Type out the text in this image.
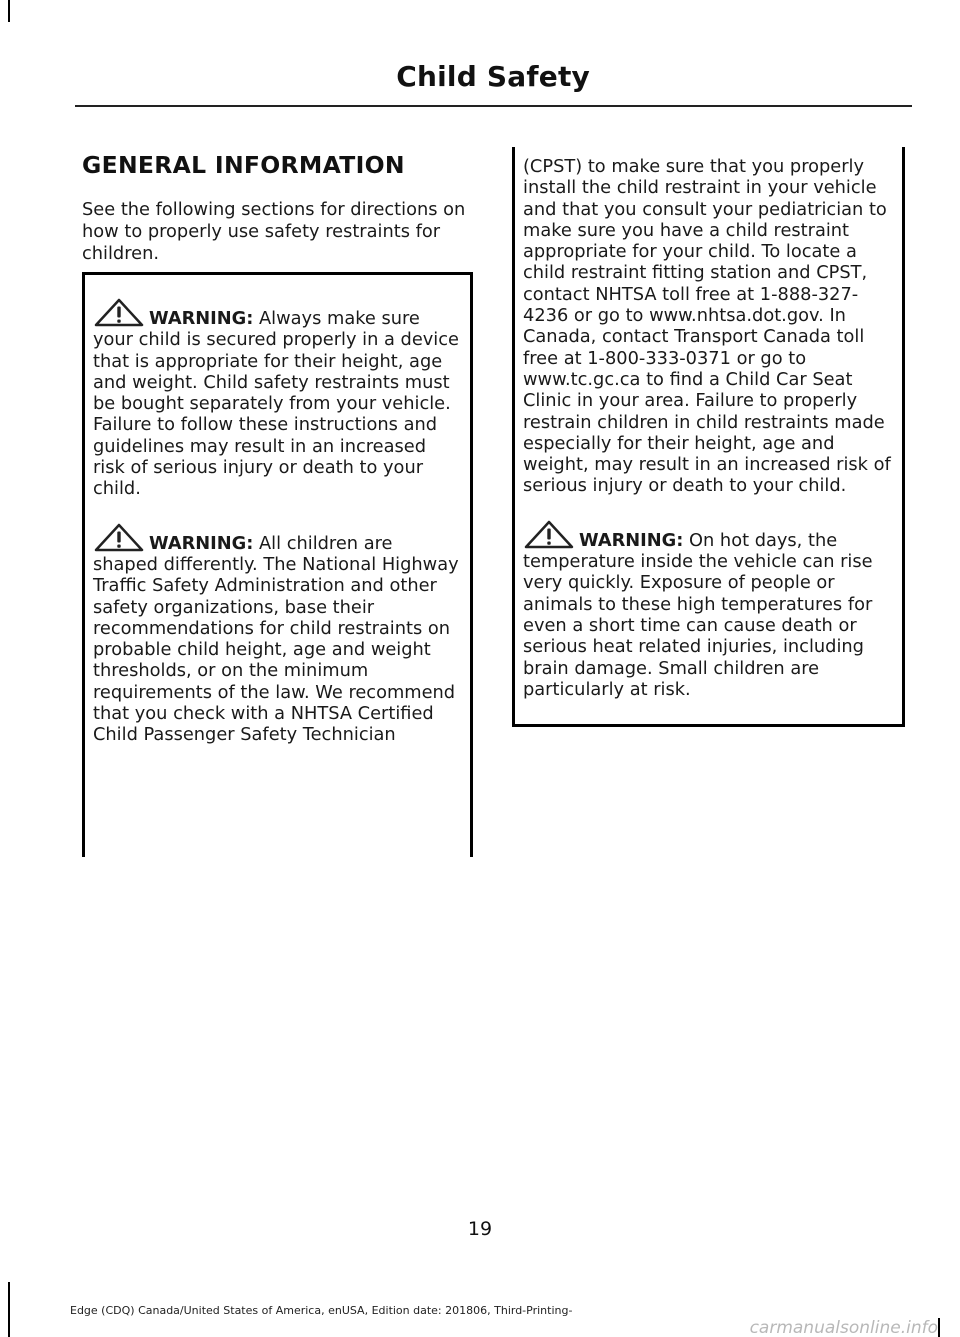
Child Safety
GENERAL INFORMATION

See the following sections for directions on how to properly use safety restraints for children.

WARNING: Always make sure your child is secured properly in a device that is appropriate for their height, age and weight. Child safety restraints must be bought separately from your vehicle. Failure to follow these instructions and guidelines may result in an increased risk of serious injury or death to your child.

WARNING: All children are shaped differently. The National Highway Traffic Safety Administration and other safety organizations, base their recommendations for child restraints on probable child height, age and weight thresholds, or on the minimum requirements of the law. We recommend that you check with a NHTSA Certified Child Passenger Safety Technician

(CPST) to make sure that you properly install the child restraint in your vehicle and that you consult your pediatrician to make sure you have a child restraint appropriate for your child. To locate a child restraint fitting station and CPST, contact NHTSA toll free at 1-888-327-4236 or go to www.nhtsa.dot.gov. In Canada, contact Transport Canada toll free at 1-800-333-0371 or go to www.tc.gc.ca to find a Child Car Seat Clinic in your area. Failure to properly restrain children in child restraints made especially for their height, age and weight, may result in an increased risk of serious injury or death to your child.

WARNING: On hot days, the temperature inside the vehicle can rise very quickly. Exposure of people or animals to these high temperatures for even a short time can cause death or serious heat related injuries, including brain damage. Small children are particularly at risk.

19
Edge (CDQ) Canada/United States of America, enUSA, Edition date: 201806, Third-Printing-
carmanualsonline.info
